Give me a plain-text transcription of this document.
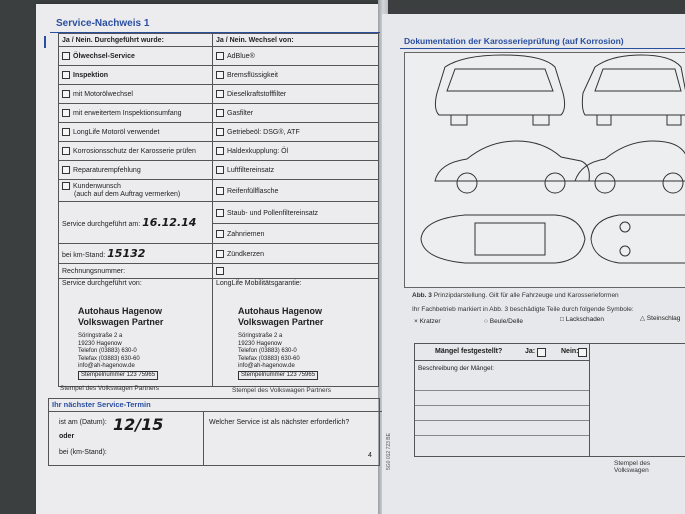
Service-Nachweis 1
Ja / Nein. Durchgeführt wurde:	Ja / Nein. Wechsel von:
Ölwechsel-Service	AdBlue®
Inspektion	Bremsflüssigkeit
mit Motorölwechsel	Dieselkraftstofffilter
mit erweitertem Inspektionsumfang	Gasfilter
LongLife Motoröl verwendet	Getriebeöl: DSG®, ATF
Korrosionsschutz der Karosserie prüfen	Haldexkupplung: Öl
Reparaturempfehlung	Luftfiltereinsatz
Kundenwunsch
(auch auf dem Auftrag vermerken)	Reifenfüllflasche
Service durchgeführt am: 16.12.14	Staub- und Pollenfiltereinsatz
	Zahnriemen
bei km-Stand: 15132	Zündkerzen
Rechnungsnummer:	
Service durchgeführt von:	LongLife Mobilitätsgarantie:
Autohaus Hagenow
Volkswagen Partner
Söringstraße 2 a
19230 Hagenow
Telefon (03883) 630-0
Telefax (03883) 630-60
info@ah-hagenow.de
Stempelnummer 123 75965
Stempel des Volkswagen Partners
Autohaus Hagenow
Volkswagen Partner
Söringstraße 2 a
19230 Hagenow
Telefon (03883) 630-0
Telefax (03883) 630-60
info@ah-hagenow.de
Stempelnummer 123 75965
Stempel des Volkswagen Partners
Ihr nächster Service-Termin
ist am (Datum): 12/15
oder
bei (km-Stand):
Welcher Service ist als nächster erforderlich?
4
Dokumentation der Karosserieprüfung (auf Korrosion)
Abb. 3 Prinzipdarstellung. Gilt für alle Fahrzeuge und Karosserieformen
Ihr Fachbetrieb markiert in Abb. 3 beschädigte Teile durch folgende Symbole:
× Kratzer	○ Beule/Delle	□ Lackschaden	△ Steinschlag
Mängel festgestellt?	Ja:	Nein:
Beschreibung der Mängel:
Stempel des Volkswagen
5G0 012 723 BE
